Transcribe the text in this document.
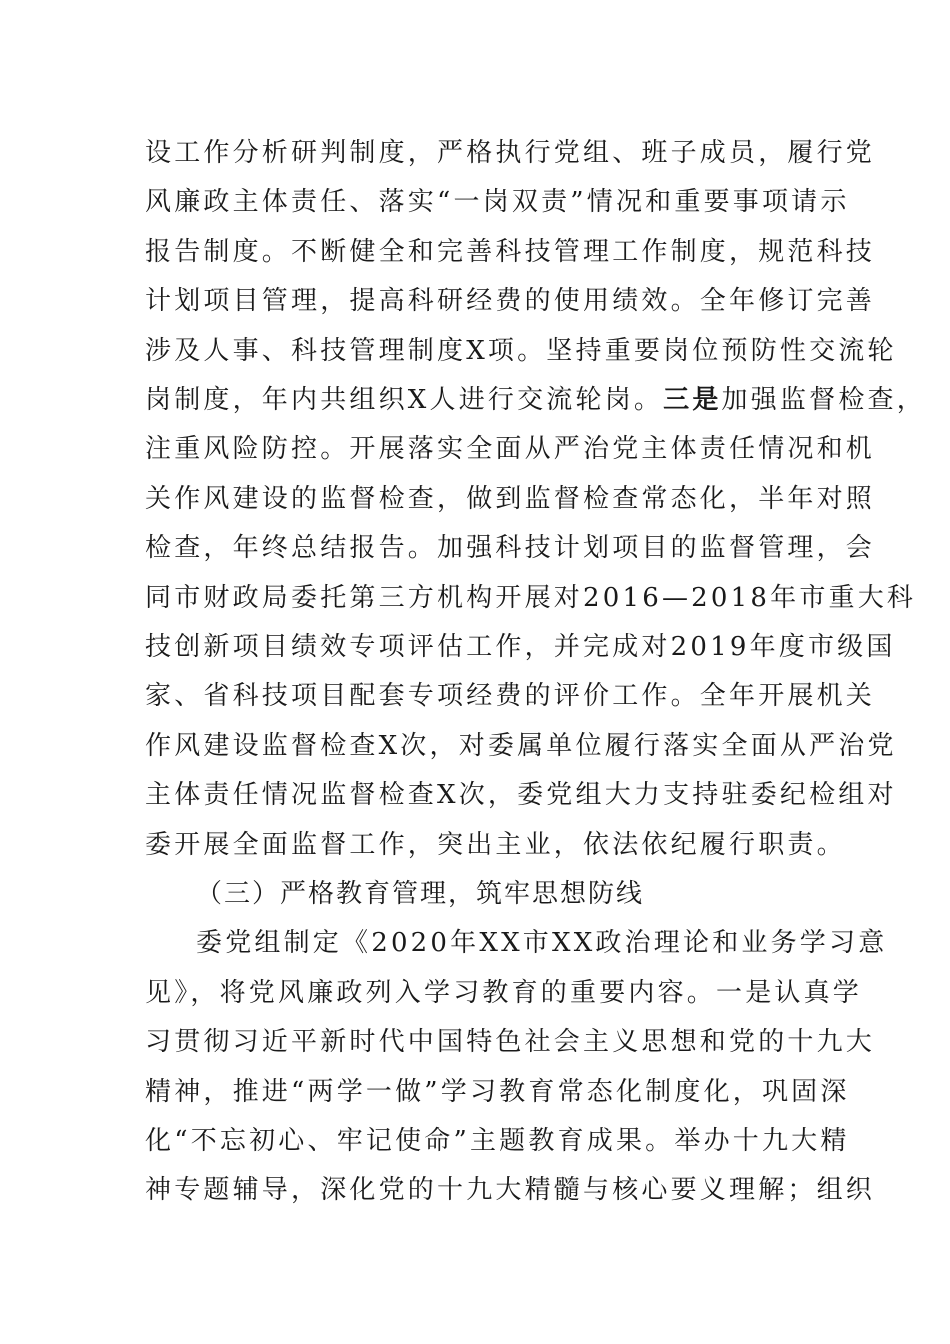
设工作分析研判制度，严格执行党组、班子成员，履行党
风廉政主体责任、落实“一岗双责”情况和重要事项请示
报告制度。不断健全和完善科技管理工作制度，规范科技
计划项目管理，提高科研经费的使用绩效。全年修订完善
涉及人事、科技管理制度X项。坚持重要岗位预防性交流轮
岗制度，年内共组织X人进行交流轮岗。三是加强监督检查，
注重风险防控。开展落实全面从严治党主体责任情况和机
关作风建设的监督检查，做到监督检查常态化，半年对照
检查，年终总结报告。加强科技计划项目的监督管理，会
同市财政局委托第三方机构开展对2016—2018年市重大科
技创新项目绩效专项评估工作，并完成对2019年度市级国
家、省科技项目配套专项经费的评价工作。全年开展机关
作风建设监督检查X次，对委属单位履行落实全面从严治党
主体责任情况监督检查X次，委党组大力支持驻委纪检组对
委开展全面监督工作，突出主业，依法依纪履行职责。
（三）严格教育管理，筑牢思想防线
委党组制定《2020年XX市XX政治理论和业务学习意
见》，将党风廉政列入学习教育的重要内容。一是认真学
习贯彻习近平新时代中国特色社会主义思想和党的十九大
精神，推进“两学一做”学习教育常态化制度化，巩固深
化“不忘初心、牢记使命”主题教育成果。举办十九大精
神专题辅导，深化党的十九大精髓与核心要义理解；组织
